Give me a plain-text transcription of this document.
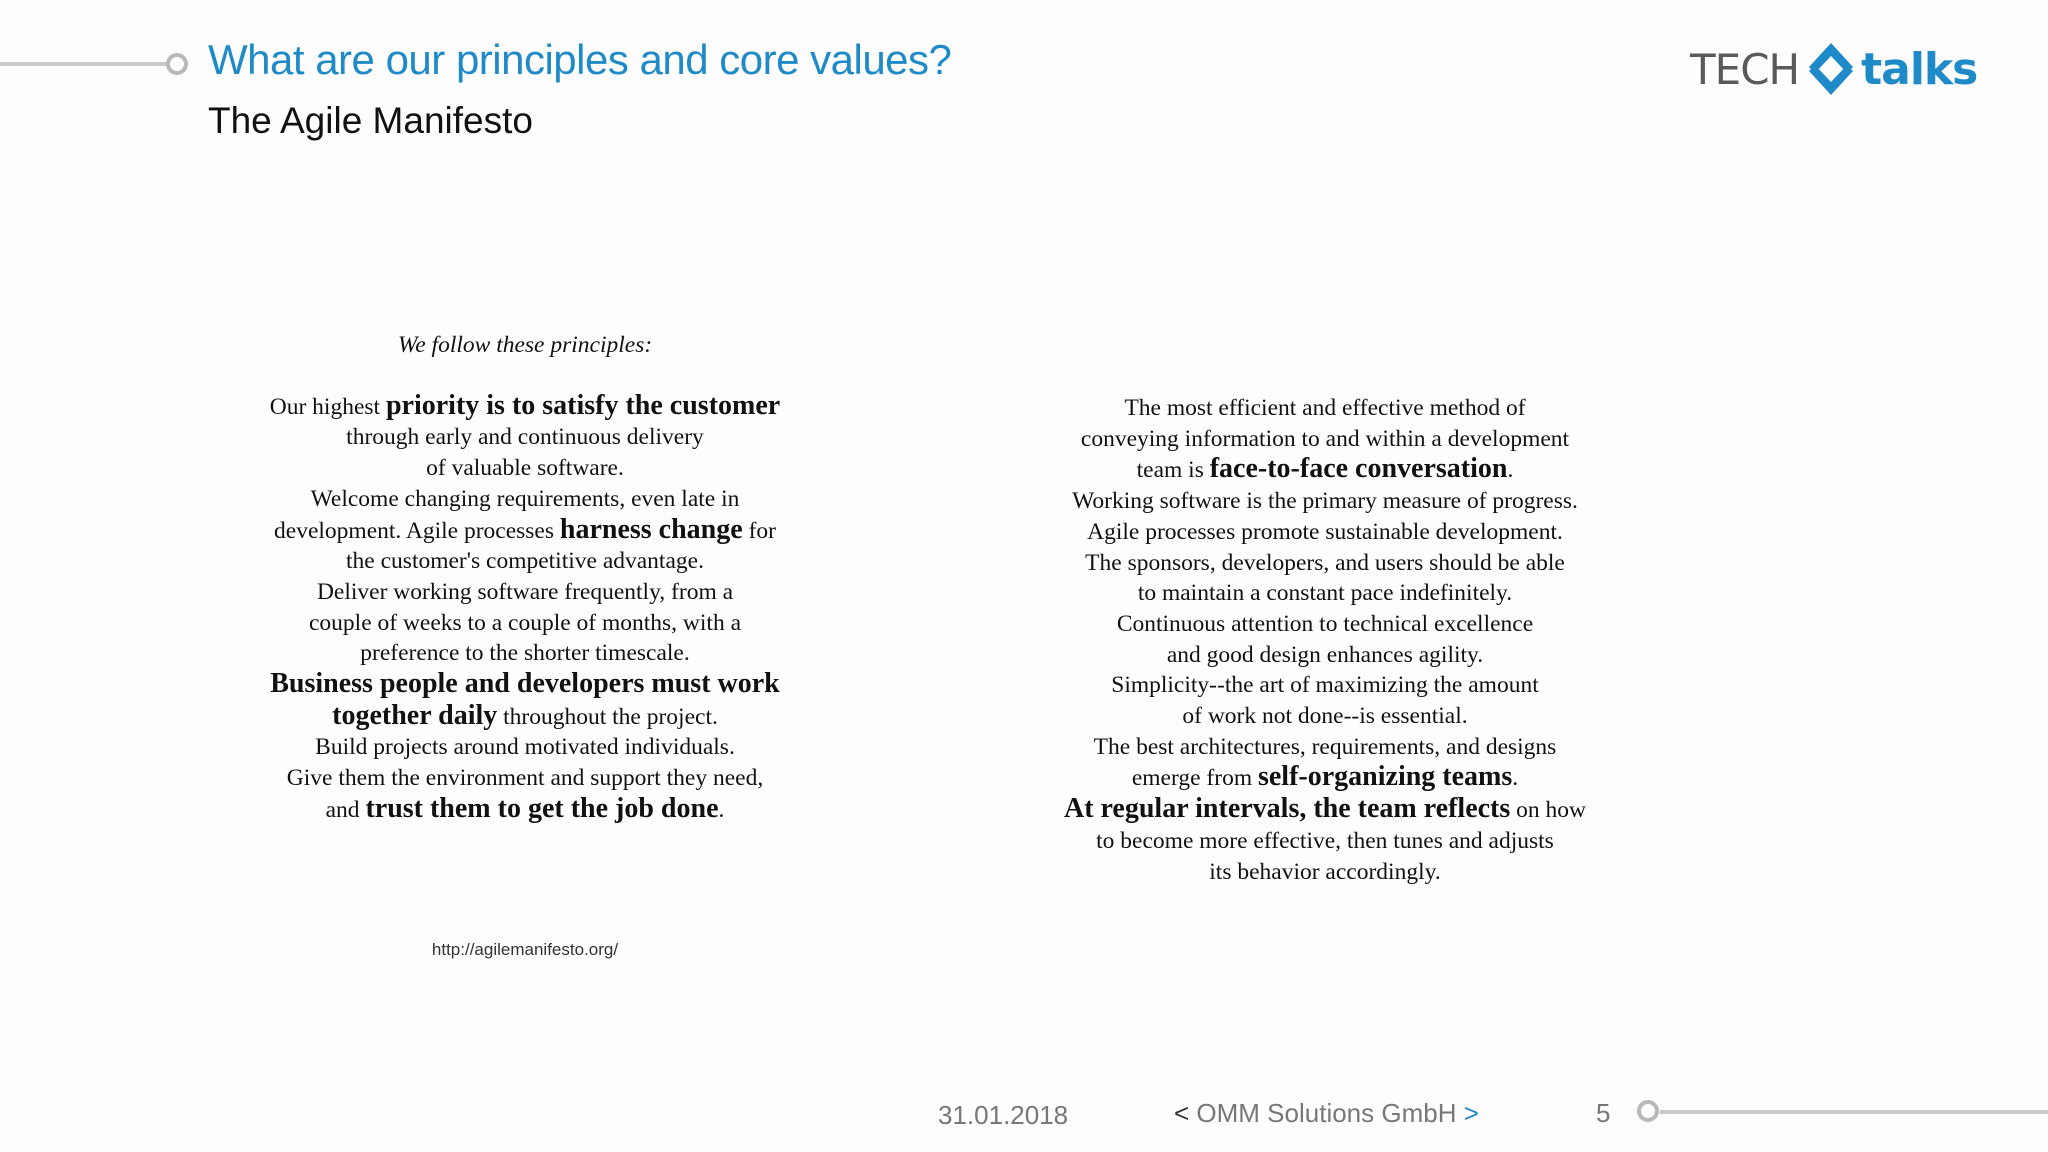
What are our principles and core values?
The Agile Manifesto
TECH talks
We follow these principles:
Our highest priority is to satisfy the customer
through early and continuous delivery
of valuable software.
Welcome changing requirements, even late in
development. Agile processes harness change for
the customer's competitive advantage.
Deliver working software frequently, from a
couple of weeks to a couple of months, with a
preference to the shorter timescale.
Business people and developers must work
together daily throughout the project.
Build projects around motivated individuals.
Give them the environment and support they need,
and trust them to get the job done.
The most efficient and effective method of
conveying information to and within a development
team is face-to-face conversation.
Working software is the primary measure of progress.
Agile processes promote sustainable development.
The sponsors, developers, and users should be able
to maintain a constant pace indefinitely.
Continuous attention to technical excellence
and good design enhances agility.
Simplicity--the art of maximizing the amount
of work not done--is essential.
The best architectures, requirements, and designs
emerge from self-organizing teams.
At regular intervals, the team reflects on how
to become more effective, then tunes and adjusts
its behavior accordingly.
http://agilemanifesto.org/
31.01.2018	< OMM Solutions GmbH >	5
